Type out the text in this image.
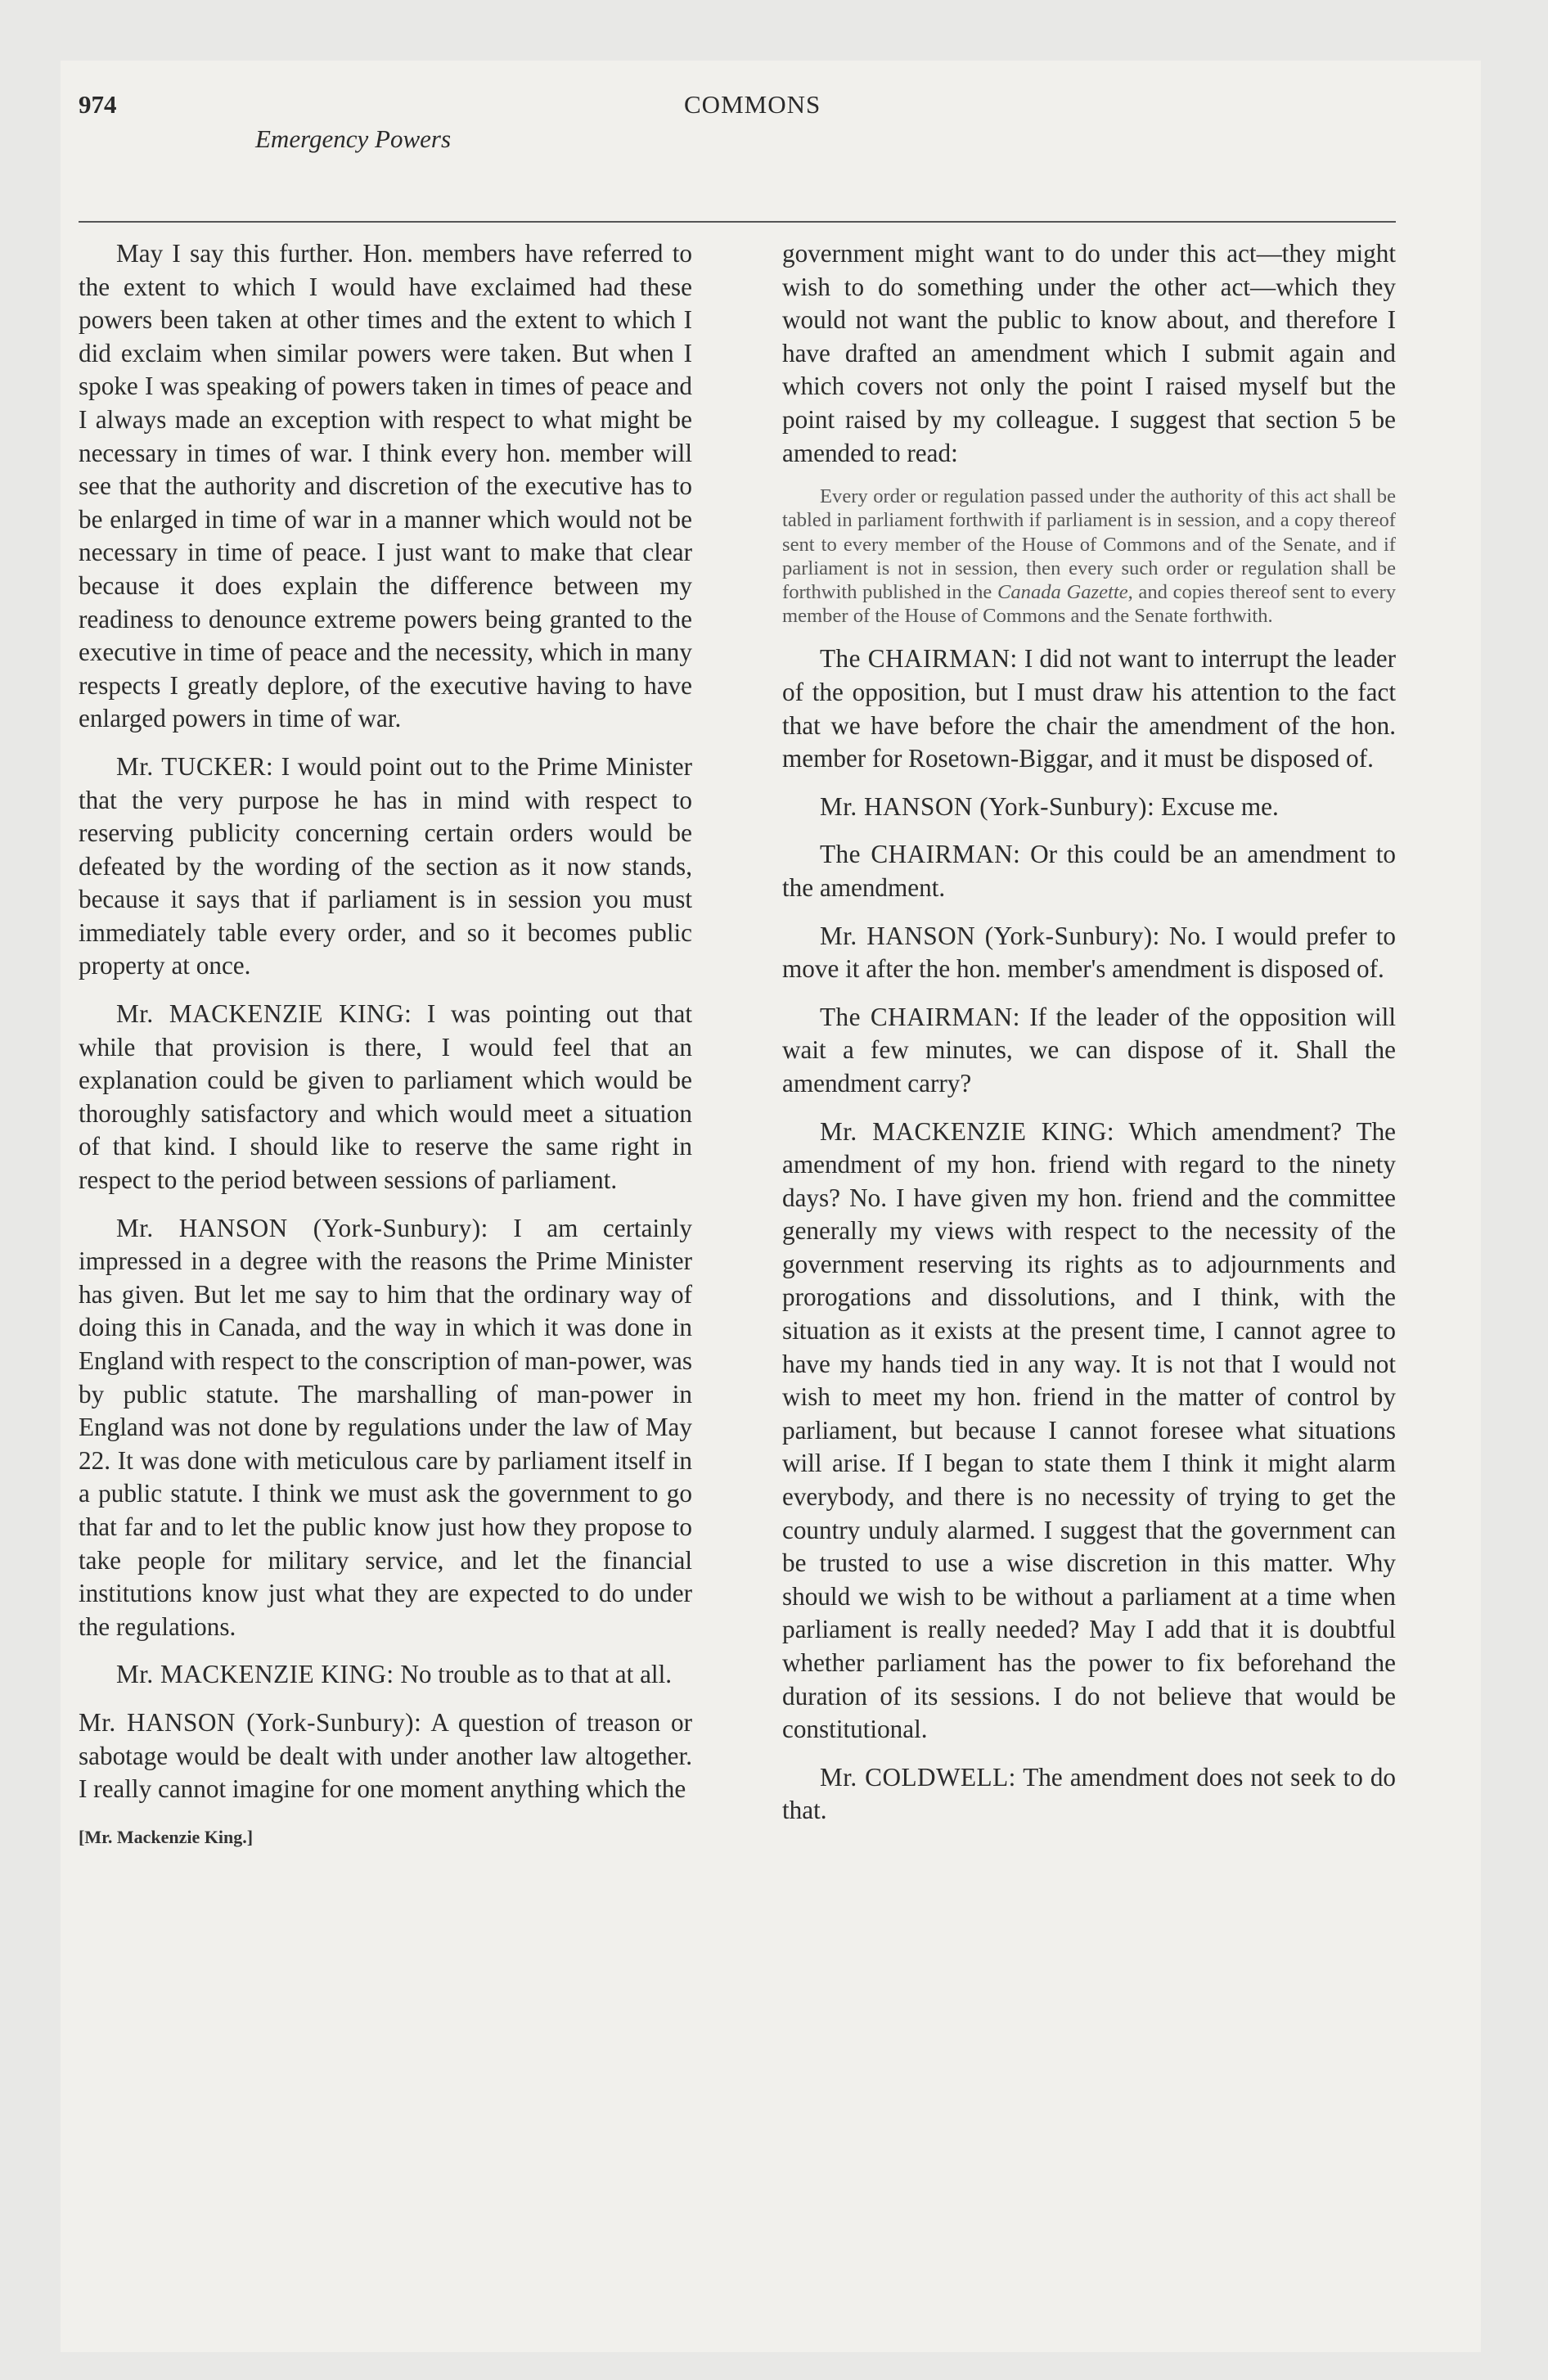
974	COMMONS
Emergency Powers

May I say this further. Hon. members have referred to the extent to which I would have exclaimed had these powers been taken at other times and the extent to which I did exclaim when similar powers were taken. But when I spoke I was speaking of powers taken in times of peace and I always made an exception with respect to what might be necessary in times of war. I think every hon. member will see that the authority and discretion of the executive has to be enlarged in time of war in a manner which would not be necessary in time of peace. I just want to make that clear because it does explain the difference between my readiness to denounce extreme powers being granted to the executive in time of peace and the necessity, which in many respects I greatly deplore, of the executive having to have enlarged powers in time of war.

Mr. TUCKER: I would point out to the Prime Minister that the very purpose he has in mind with respect to reserving publicity concerning certain orders would be defeated by the wording of the section as it now stands, because it says that if parliament is in session you must immediately table every order, and so it becomes public property at once.

Mr. MACKENZIE KING: I was pointing out that while that provision is there, I would feel that an explanation could be given to parliament which would be thoroughly satisfactory and which would meet a situation of that kind. I should like to reserve the same right in respect to the period between sessions of parliament.

Mr. HANSON (York-Sunbury): I am certainly impressed in a degree with the reasons the Prime Minister has given. But let me say to him that the ordinary way of doing this in Canada, and the way in which it was done in England with respect to the conscription of man-power, was by public statute. The marshalling of man-power in England was not done by regulations under the law of May 22. It was done with meticulous care by parliament itself in a public statute. I think we must ask the government to go that far and to let the public know just how they propose to take people for military service, and let the financial institutions know just what they are expected to do under the regulations.

Mr. MACKENZIE KING: No trouble as to that at all.

Mr. HANSON (York-Sunbury): A question of treason or sabotage would be dealt with under another law altogether. I really cannot imagine for one moment anything which the

[Mr. Mackenzie King.]

government might want to do under this act—they might wish to do something under the other act—which they would not want the public to know about, and therefore I have drafted an amendment which I submit again and which covers not only the point I raised myself but the point raised by my colleague. I suggest that section 5 be amended to read:

Every order or regulation passed under the authority of this act shall be tabled in parliament forthwith if parliament is in session, and a copy thereof sent to every member of the House of Commons and of the Senate, and if parliament is not in session, then every such order or regulation shall be forthwith published in the Canada Gazette, and copies thereof sent to every member of the House of Commons and the Senate forthwith.

The CHAIRMAN: I did not want to interrupt the leader of the opposition, but I must draw his attention to the fact that we have before the chair the amendment of the hon. member for Rosetown-Biggar, and it must be disposed of.

Mr. HANSON (York-Sunbury): Excuse me.

The CHAIRMAN: Or this could be an amendment to the amendment.

Mr. HANSON (York-Sunbury): No. I would prefer to move it after the hon. member's amendment is disposed of.

The CHAIRMAN: If the leader of the opposition will wait a few minutes, we can dispose of it. Shall the amendment carry?

Mr. MACKENZIE KING: Which amendment? The amendment of my hon. friend with regard to the ninety days? No. I have given my hon. friend and the committee generally my views with respect to the necessity of the government reserving its rights as to adjournments and prorogations and dissolutions, and I think, with the situation as it exists at the present time, I cannot agree to have my hands tied in any way. It is not that I would not wish to meet my hon. friend in the matter of control by parliament, but because I cannot foresee what situations will arise. If I began to state them I think it might alarm everybody, and there is no necessity of trying to get the country unduly alarmed. I suggest that the government can be trusted to use a wise discretion in this matter. Why should we wish to be without a parliament at a time when parliament is really needed? May I add that it is doubtful whether parliament has the power to fix beforehand the duration of its sessions. I do not believe that would be constitutional.

Mr. COLDWELL: The amendment does not seek to do that.
